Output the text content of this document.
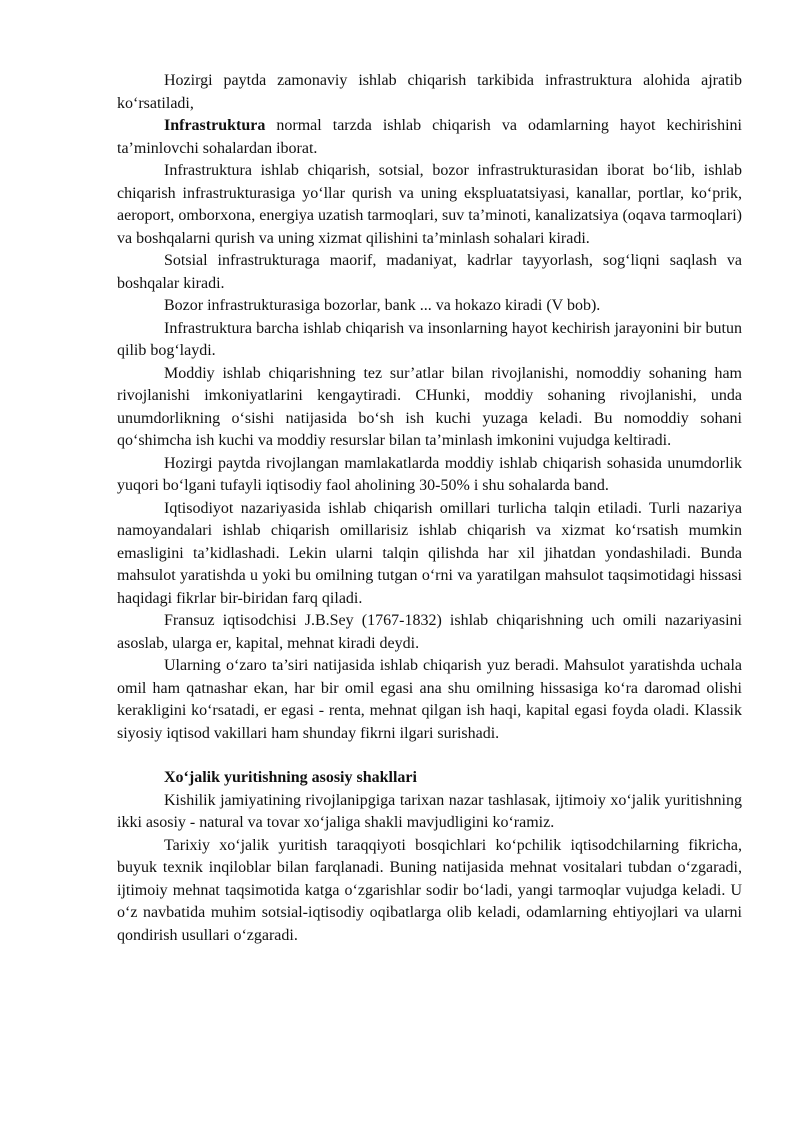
Hozirgi paytda zamonaviy ishlab chiqarish tarkibida infrastruktura alohida ajratib ko‘rsatiladi,

Infrastruktura normal tarzda ishlab chiqarish va odamlarning hayot kechirishini ta’minlovchi sohalardan iborat.

Infrastruktura ishlab chiqarish, sotsial, bozor infrastrukturasidan iborat bo‘lib, ishlab chiqarish infrastrukturasiga yo‘llar qurish va uning ekspluatatsiyasi, kanallar, portlar, ko‘prik, aeroport, omborxona, energiya uzatish tarmoqlari, suv ta’minoti, kanalizatsiya (oqava tarmoqlari) va boshqalarni qurish va uning xizmat qilishini ta’minlash sohalari kiradi.

Sotsial infrastrukturaga maorif, madaniyat, kadrlar tayyorlash, sog‘liqni saqlash va boshqalar kiradi.

Bozor infrastrukturasiga bozorlar, bank ... va hokazo kiradi (V bob).

Infrastruktura barcha ishlab chiqarish va insonlarning hayot kechirish jarayonini bir butun qilib bog‘laydi.

Moddiy ishlab chiqarishning tez sur’atlar bilan rivojlanishi, nomoddiy sohaning ham rivojlanishi imkoniyatlarini kengaytiradi. CHunki, moddiy sohaning rivojlanishi, unda unumdorlikning o‘sishi natijasida bo‘sh ish kuchi yuzaga keladi. Bu nomoddiy sohani qo‘shimcha ish kuchi va moddiy resurslar bilan ta’minlash imkonini vujudga keltiradi.

Hozirgi paytda rivojlangan mamlakatlarda moddiy ishlab chiqarish sohasida unumdorlik yuqori bo‘lgani tufayli iqtisodiy faol aholining 30-50% i shu sohalarda band.

Iqtisodiyot nazariyasida ishlab chiqarish omillari turlicha talqin etiladi. Turli nazariya namoyandalari ishlab chiqarish omillarisiz ishlab chiqarish va xizmat ko‘rsatish mumkin emasligini ta’kidlashadi. Lekin ularni talqin qilishda har xil jihatdan yondashiladi. Bunda mahsulot yaratishda u yoki bu omilning tutgan o‘rni va yaratilgan mahsulot taqsimotidagi hissasi haqidagi fikrlar bir-biridan farq qiladi.

Fransuz iqtisodchisi J.B.Sey (1767-1832) ishlab chiqarishning uch omili nazariyasini asoslab, ularga er, kapital, mehnat kiradi deydi.

Ularning o‘zaro ta’siri natijasida ishlab chiqarish yuz beradi. Mahsulot yaratishda uchala omil ham qatnashar ekan, har bir omil egasi ana shu omilning hissasiga ko‘ra daromad olishi kerakligini ko‘rsatadi, er egasi - renta, mehnat qilgan ish haqi, kapital egasi foyda oladi. Klassik siyosiy iqtisod vakillari ham shunday fikrni ilgari surishadi.

Xo‘jalik yuritishning asosiy shakllari

Kishilik jamiyatining rivojlanipgiga tarixan nazar tashlasak, ijtimoiy xo‘jalik yuritishning ikki asosiy - natural va tovar xo‘jaliga shakli mavjudligini ko‘ramiz.

Tarixiy xo‘jalik yuritish taraqqiyoti bosqichlari ko‘pchilik iqtisodchilarning fikricha, buyuk texnik inqiloblar bilan farqlanadi. Buning natijasida mehnat vositalari tubdan o‘zgaradi, ijtimoiy mehnat taqsimotida katga o‘zgarishlar sodir bo‘ladi, yangi tarmoqlar vujudga keladi. U o‘z navbatida muhim sotsial-iqtisodiy oqibatlarga olib keladi, odamlarning ehtiyojlari va ularni qondirish usullari o‘zgaradi.
